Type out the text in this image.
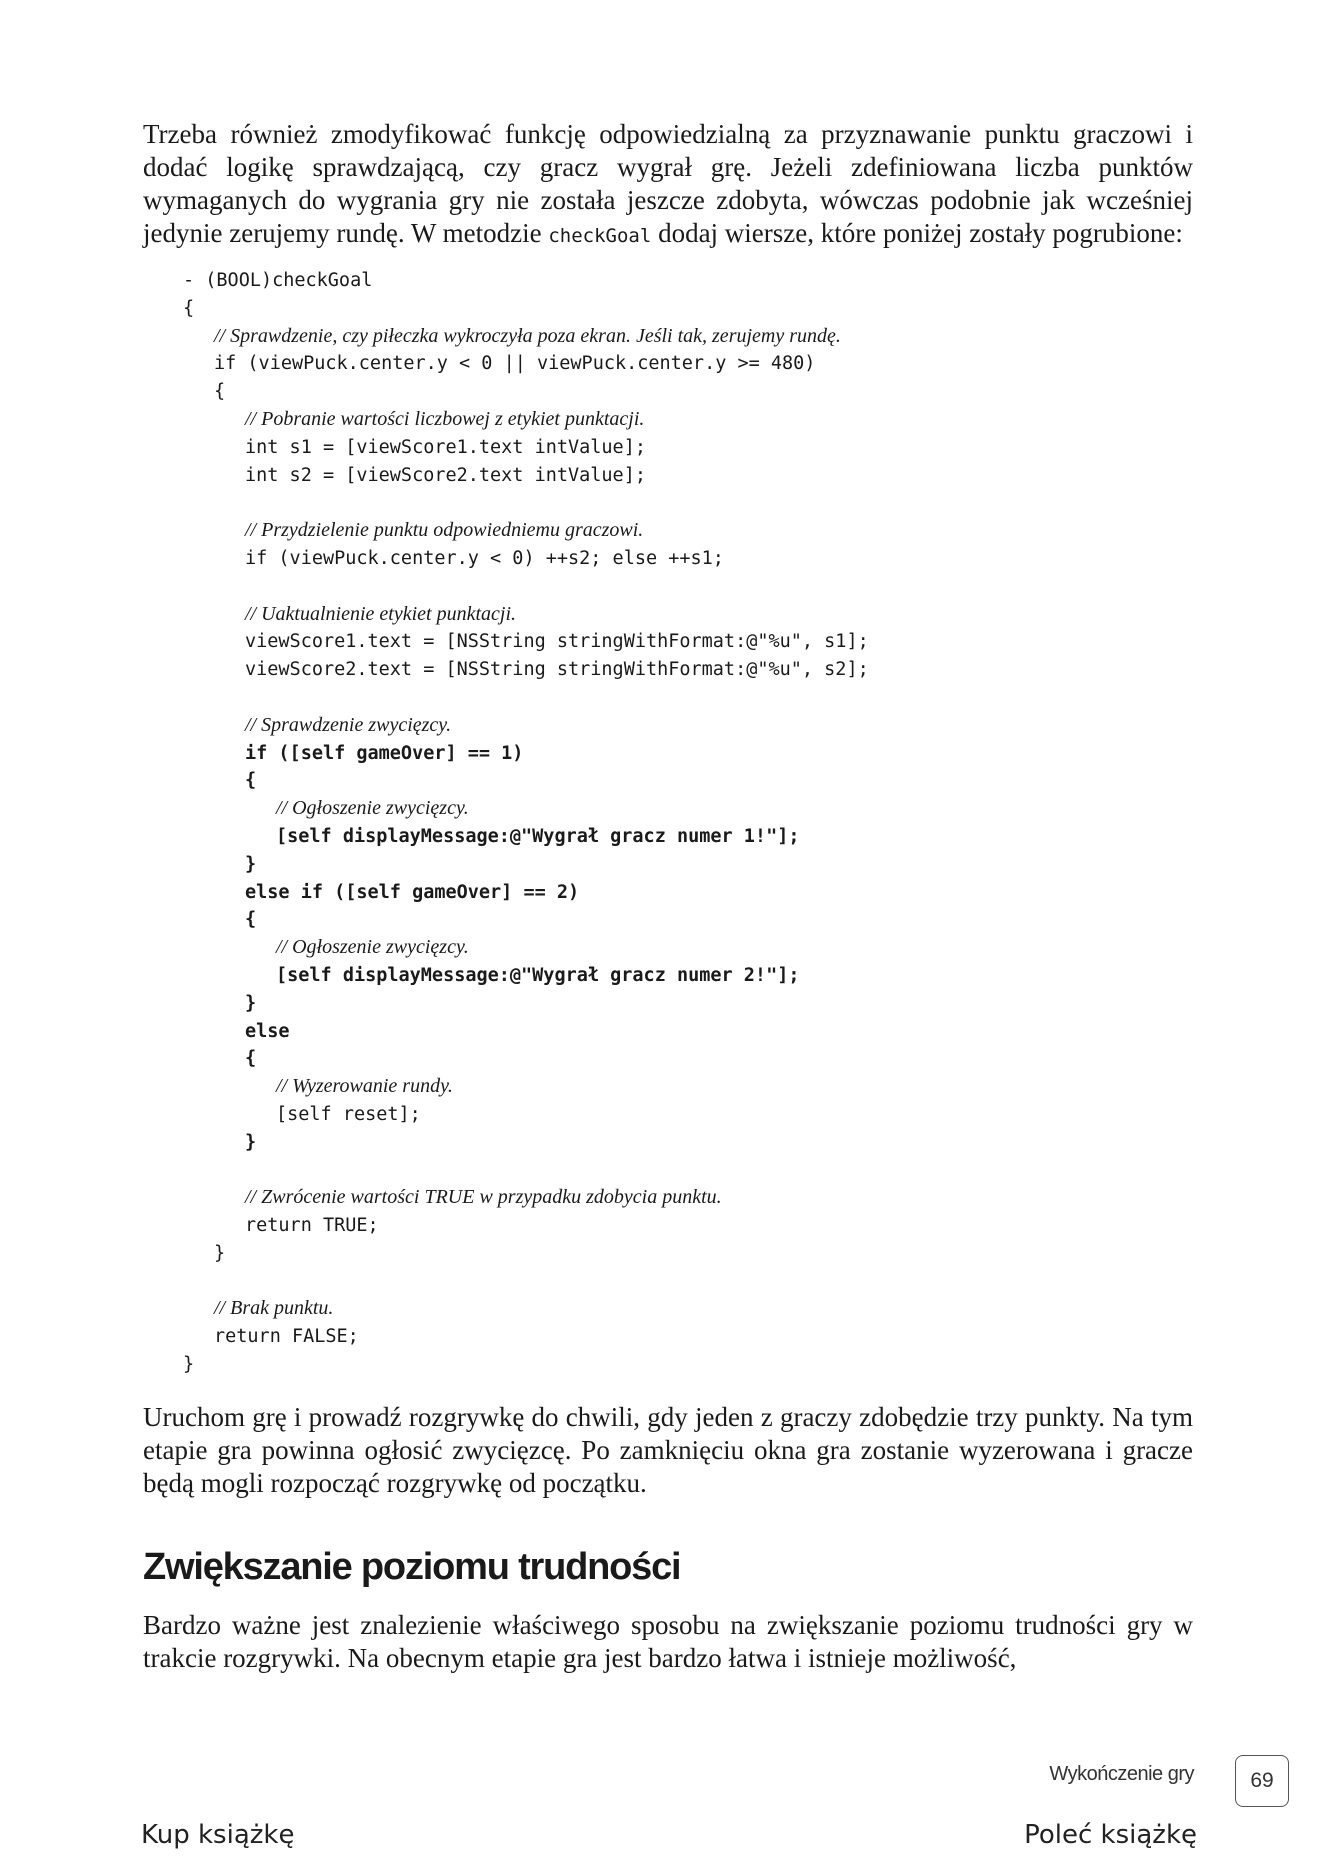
Trzeba również zmodyfikować funkcję odpowiedzialną za przyznawanie punktu graczowi i dodać logikę sprawdzającą, czy gracz wygrał grę. Jeżeli zdefiniowana liczba punktów wymaganych do wygrania gry nie została jeszcze zdobyta, wówczas podobnie jak wcześniej jedynie zerujemy rundę. W metodzie checkGoal dodaj wiersze, które poniżej zostały pogrubione:

- (BOOL)checkGoal
{
// Sprawdzenie, czy piłeczka wykroczyła poza ekran. Jeśli tak, zerujemy rundę.
if (viewPuck.center.y < 0 || viewPuck.center.y >= 480)
{
// Pobranie wartości liczbowej z etykiet punktacji.
int s1 = [viewScore1.text intValue];
int s2 = [viewScore2.text intValue];
// Przydzielenie punktu odpowiedniemu graczowi.
if (viewPuck.center.y < 0) ++s2; else ++s1;
// Uaktualnienie etykiet punktacji.
viewScore1.text = [NSString stringWithFormat:@"%u", s1];
viewScore2.text = [NSString stringWithFormat:@"%u", s2];
// Sprawdzenie zwycięzcy.
if ([self gameOver] == 1)
{
// Ogłoszenie zwycięzcy.
[self displayMessage:@"Wygrał gracz numer 1!"];
}
else if ([self gameOver] == 2)
{
// Ogłoszenie zwycięzcy.
[self displayMessage:@"Wygrał gracz numer 2!"];
}
else
{
// Wyzerowanie rundy.
[self reset];
}
// Zwrócenie wartości TRUE w przypadku zdobycia punktu.
return TRUE;
}
// Brak punktu.
return FALSE;
}

Uruchom grę i prowadź rozgrywkę do chwili, gdy jeden z graczy zdobędzie trzy punkty. Na tym etapie gra powinna ogłosić zwycięzcę. Po zamknięciu okna gra zostanie wyzerowana i gracze będą mogli rozpocząć rozgrywkę od początku.

Zwiększanie poziomu trudności

Bardzo ważne jest znalezienie właściwego sposobu na zwiększanie poziomu trudności gry w trakcie rozgrywki. Na obecnym etapie gra jest bardzo łatwa i istnieje możliwość,

Wykończenie gry	69
Kup książkę	Poleć książkę
